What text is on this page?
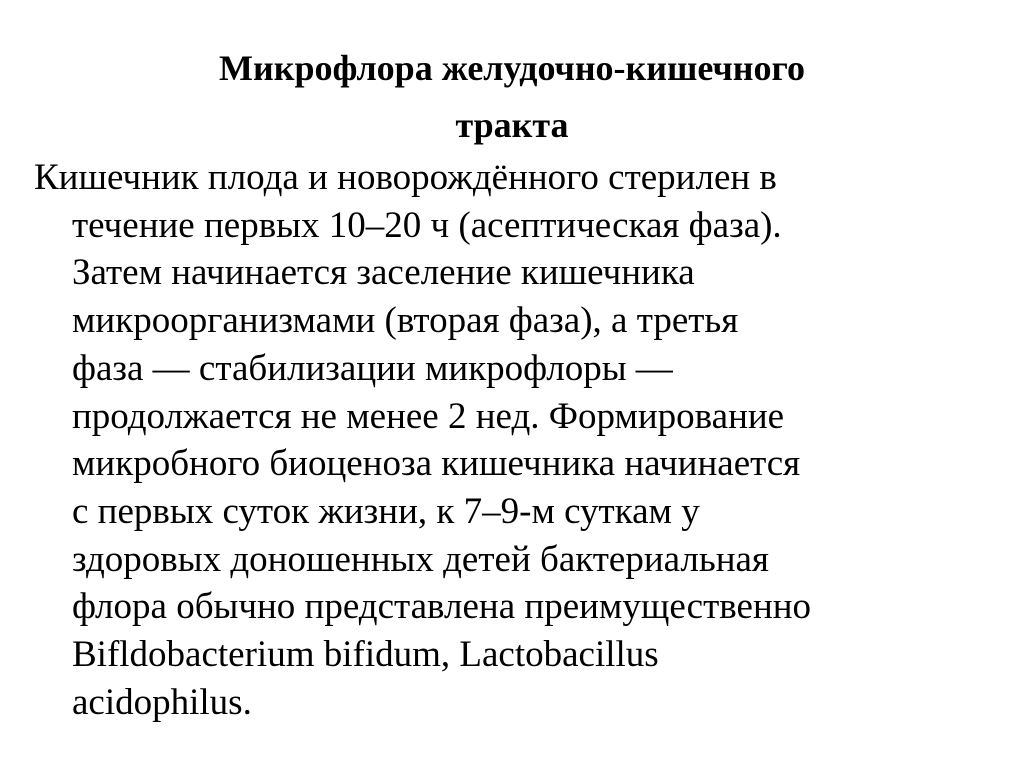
Микрофлора желудочно-кишечного
тракта

Кишечник плода и новорождённого стерилен в
течение первых 10–20 ч (асептическая фаза).
Затем начинается заселение кишечника
микроорганизмами (вторая фаза), а третья
фаза — стабилизации микрофлоры —
продолжается не менее 2 нед. Формирование
микробного биоценоза кишечника начинается
с первых суток жизни, к 7–9-м суткам у
здоровых доношенных детей бактериальная
флора обычно представлена преимущественно
Bifldobacterium bifidum, Lactobacillus
acidophilus.
